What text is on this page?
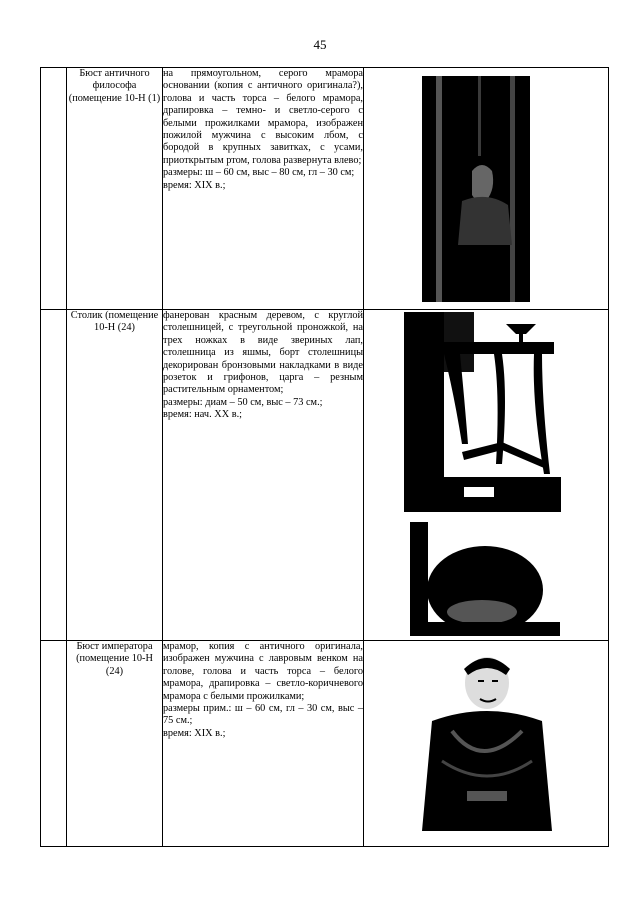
45
	Бюст античного философа (помещение 10-Н (1)	на прямоугольном, серого мрамора основании (копия с античного оригинала?), голова и часть торса – белого мрамора, драпировка – темно- и светло-серого с белыми прожилками мрамора, изображен пожилой мужчина с высоким лбом, с бородой в крупных завитках, с усами, приоткрытым ртом, голова развернута влево;
размеры: ш – 60 см, выс – 80 см, гл – 30 см;
время: XIX в.;

	Столик (помещение 10-Н (24)	фанерован красным деревом, с круглой столешницей, с треугольной проножкой, на трех ножках в виде звериных лап, столешница из яшмы, борт столешницы декорирован бронзовыми накладками в виде розеток и грифонов, царга – резным растительным орнаментом;
размеры: диам – 50 см, выс – 73 см.;
время: нач. XX в.;

	Бюст императора (помещение 10-Н (24)	мрамор, копия с античного оригинала, изображен мужчина с лавровым венком на голове, голова и часть торса – белого мрамора, драпировка – светло-коричневого мрамора с белыми прожилками;
размеры прим.: ш – 60 см, гл – 30 см, выс – 75 см.;
время: XIX в.;
